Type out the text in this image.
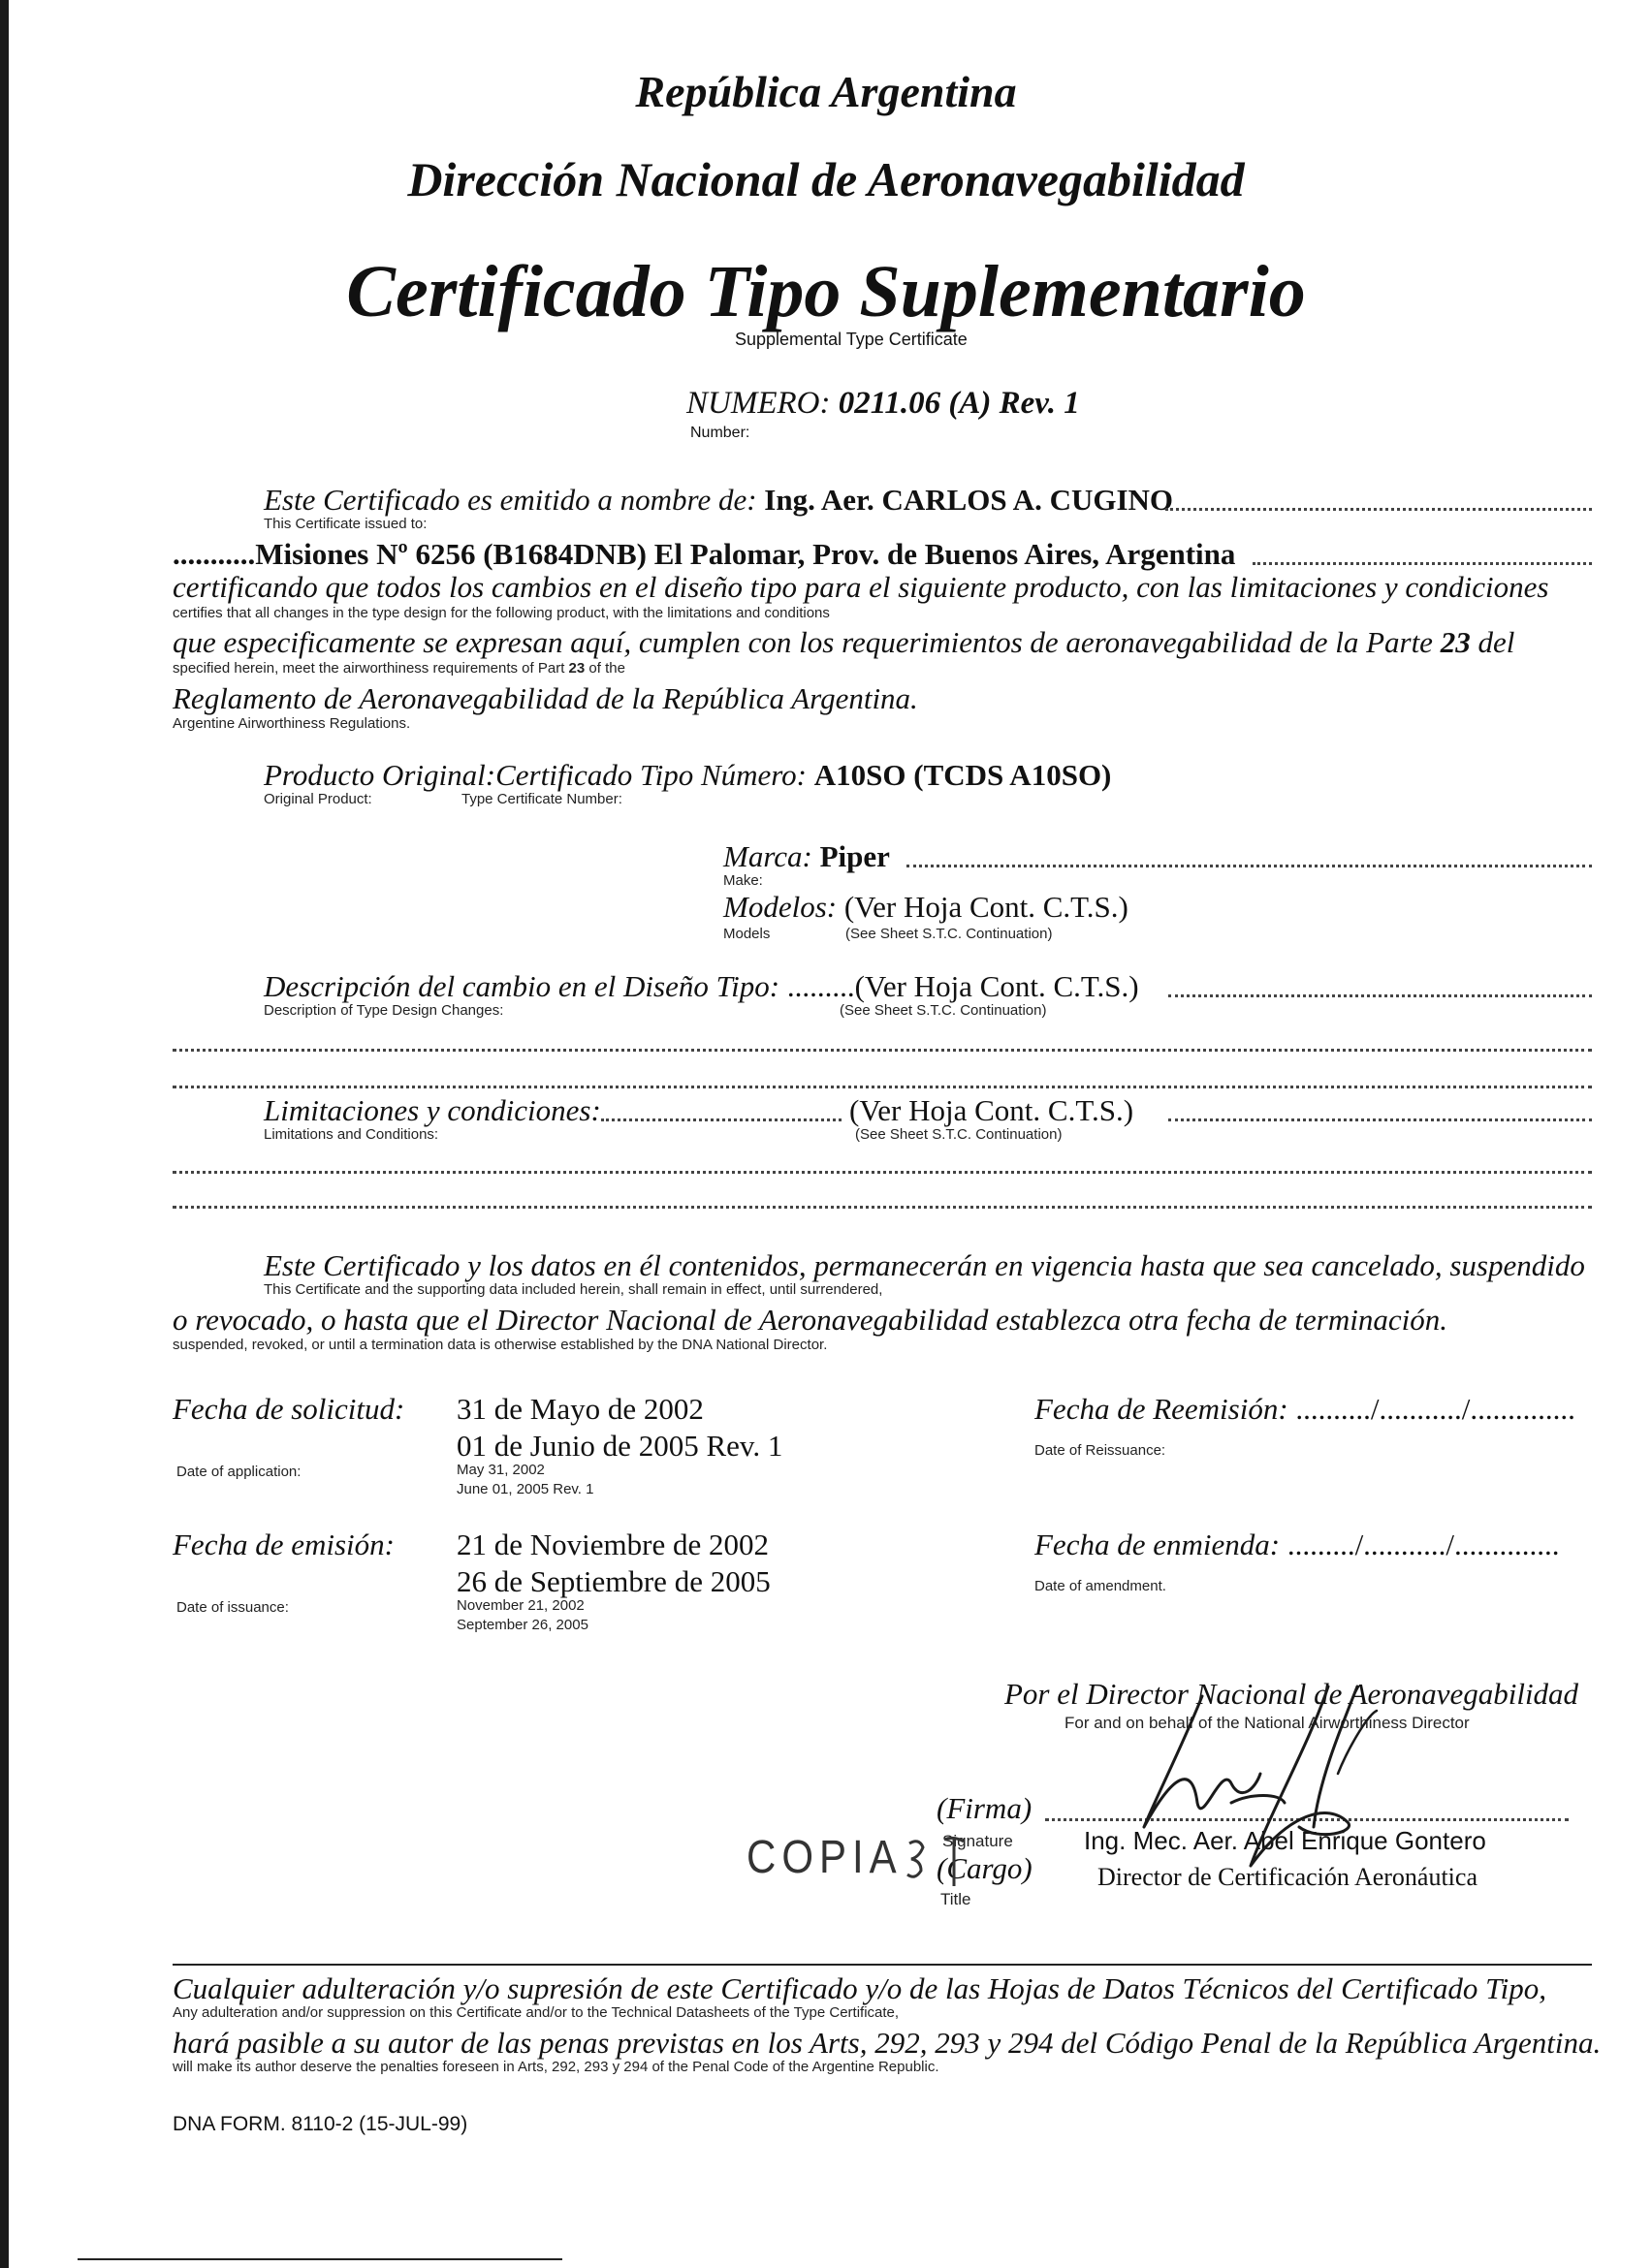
República Argentina
Dirección Nacional de Aeronavegabilidad
Certificado Tipo Suplementario
Supplemental Type Certificate
NUMERO: 0211.06 (A) Rev. 1
Number:
Este Certificado es emitido a nombre de: Ing. Aer. CARLOS A. CUGINO
This Certificate issued to:
...........Misiones Nº 6256 (B1684DNB) El Palomar, Prov. de Buenos Aires, Argentina
certificando que todos los cambios en el diseño tipo para el siguiente producto, con las limitaciones y condiciones
certifies that all changes in the type design for the following product, with the limitations and conditions
que especificamente se expresan aquí, cumplen con los requerimientos de aeronavegabilidad de la Parte 23 del
specified herein, meet the airworthiness requirements of Part 23 of the
Reglamento de Aeronavegabilidad de la República Argentina.
Argentine Airworthiness Regulations.
Producto Original:Certificado Tipo Número: A10SO (TCDS A10SO)
Original Product:	Type Certificate Number:
Marca: Piper
Make:
Modelos: (Ver Hoja Cont. C.T.S.)
Models	(See Sheet S.T.C. Continuation)
Descripción del cambio en el Diseño Tipo: .........(Ver Hoja Cont. C.T.S.)
Description of Type Design Changes:	(See Sheet S.T.C. Continuation)
Limitaciones y condiciones:	(Ver Hoja Cont. C.T.S.)
Limitations and Conditions:	(See Sheet S.T.C. Continuation)
Este Certificado y los datos en él contenidos, permanecerán en vigencia hasta que sea cancelado, suspendido
This Certificate and the supporting data included herein, shall remain in effect, until surrendered,
o revocado, o hasta que el Director Nacional de Aeronavegabilidad establezca otra fecha de terminación.
suspended, revoked, or until a termination data is otherwise established by the DNA National Director.
Fecha de solicitud: 31 de Mayo de 2002
01 de Junio de 2005 Rev. 1
Date of application:	May 31, 2002
June 01, 2005 Rev. 1
Fecha de emisión: 21 de Noviembre de 2002
26 de Septiembre de 2005
Date of issuance:	November 21, 2002
September 26, 2005
Fecha de Reemisión: ........../.........../..............
Date of Reissuance:
Fecha de enmienda: ........./.........../..............
Date of amendment.
Por el Director Nacional de Aeronavegabilidad
For and on behalf of the National Airworthiness Director
(Firma)
Signature
(Cargo)
Title
Ing. Mec. Aer. Abel Enrique Gontero
Director de Certificación Aeronáutica
COPIA
Cualquier adulteración y/o supresión de este Certificado y/o de las Hojas de Datos Técnicos del Certificado Tipo,
Any adulteration and/or suppression on this Certificate and/or to the Technical Datasheets of the Type Certificate,
hará pasible a su autor de las penas previstas en los Arts, 292, 293 y 294 del Código Penal de la República Argentina.
will make its author deserve the penalties foreseen in Arts, 292, 293 y 294 of the Penal Code of the Argentine Republic.
DNA FORM. 8110-2 (15-JUL-99)
